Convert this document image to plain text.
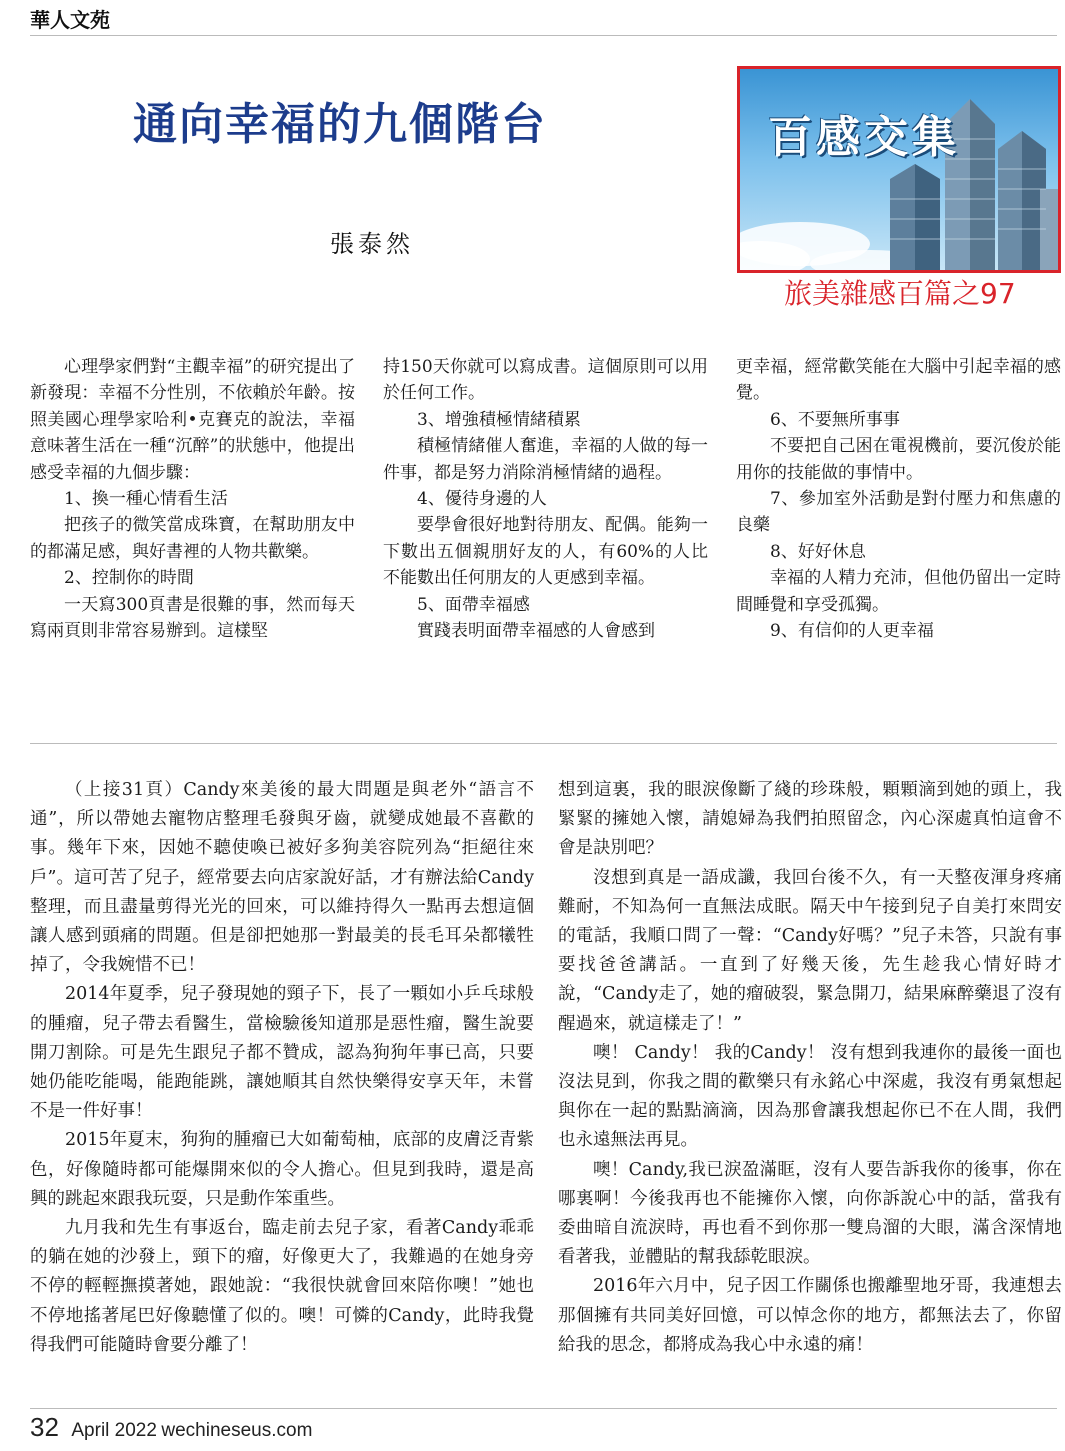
華人文苑
通向幸福的九個階台
張泰然
百感交集
旅美雜感百篇之97

心理學家們對“主觀幸福”的研究提出了新發現：幸福不分性別，不依賴於年齡。按照美國心理學家哈利•克賽克的說法，幸福意味著生活在一種“沉醉”的狀態中，他提出感受幸福的九個步驟：

1、換一種心情看生活

把孩子的微笑當成珠寶，在幫助朋友中的都滿足感，與好書裡的人物共歡樂。

2、控制你的時間

一天寫300頁書是很難的事，然而每天寫兩頁則非常容易辦到。這樣堅

持150天你就可以寫成書。這個原則可以用於任何工作。

3、增強積極情緒積累

積極情緒催人奮進，幸福的人做的每一件事，都是努力消除消極情緒的過程。

4、優待身邊的人

要學會很好地對待朋友、配偶。能夠一下數出五個親朋好友的人，有60%的人比不能數出任何朋友的人更感到幸福。

5、面帶幸福感

實踐表明面帶幸福感的人會感到

更幸福，經常歡笑能在大腦中引起幸福的感覺。

6、不要無所事事

不要把自己困在電視機前，要沉俊於能用你的技能做的事情中。

7、參加室外活動是對付壓力和焦慮的良藥

8、好好休息

幸福的人精力充沛，但他仍留出一定時間睡覺和享受孤獨。

9、有信仰的人更幸福

（上接31頁）Candy來美後的最大問題是與老外“語言不通”，所以帶她去寵物店整理毛發與牙齒，就變成她最不喜歡的事。幾年下來，因她不聽使喚已被好多狗美容院列為“拒絕往來戶”。這可苦了兒子，經常要去向店家說好話，才有辦法給Candy整理，而且盡量剪得光光的回來，可以維持得久一點再去想這個讓人感到頭痛的問題。但是卻把她那一對最美的長毛耳朵都犧牲掉了，令我婉惜不已！

2014年夏季，兒子發現她的頸子下，長了一顆如小乒乓球般的腫瘤，兒子帶去看醫生，當檢驗後知道那是惡性瘤，醫生說要開刀割除。可是先生跟兒子都不贊成，認為狗狗年事已高，只要她仍能吃能喝，能跑能跳，讓她順其自然快樂得安享天年，未嘗不是一件好事！

2015年夏末，狗狗的腫瘤已大如葡萄柚，底部的皮膚泛青紫色，好像隨時都可能爆開來似的令人擔心。但見到我時，還是高興的跳起來跟我玩耍，只是動作笨重些。

九月我和先生有事返台，臨走前去兒子家，看著Candy乖乖的躺在她的沙發上，頸下的瘤，好像更大了，我難過的在她身旁不停的輕輕撫摸著她，跟她說：“我很快就會回來陪你噢！”她也不停地搖著尾巴好像聽懂了似的。噢！可憐的Candy，此時我覺得我們可能隨時會要分離了！

想到這裏，我的眼淚像斷了綫的珍珠般，顆顆滴到她的頭上，我緊緊的擁她入懷，請媳婦為我們拍照留念，內心深處真怕這會不會是訣別吧？

沒想到真是一語成讖，我回台後不久，有一天整夜渾身疼痛難耐，不知為何一直無法成眠。隔天中午接到兒子自美打來問安的電話，我順口問了一聲：“Candy好嗎？”兒子未答，只說有事要找爸爸講話。一直到了好幾天後，先生趁我心情好時才說，“Candy走了，她的瘤破裂，緊急開刀，結果麻醉藥退了沒有醒過來，就這樣走了！”

噢！ Candy！ 我的Candy！ 沒有想到我連你的最後一面也沒法見到，你我之間的歡樂只有永銘心中深處，我沒有勇氣想起與你在一起的點點滴滴，因為那會讓我想起你已不在人間，我們也永遠無法再見。

噢！Candy,我已淚盈滿眶，沒有人要告訴我你的後事，你在哪裏啊！今後我再也不能擁你入懷，向你訴說心中的話，當我有委曲暗自流淚時，再也看不到你那一雙烏溜的大眼，滿含深情地看著我，並體貼的幫我舔乾眼淚。

2016年六月中，兒子因工作關係也搬離聖地牙哥，我連想去那個擁有共同美好回憶，可以悼念你的地方，都無法去了，你留給我的思念，都將成為我心中永遠的痛！

32 April 2022 wechineseus.com
